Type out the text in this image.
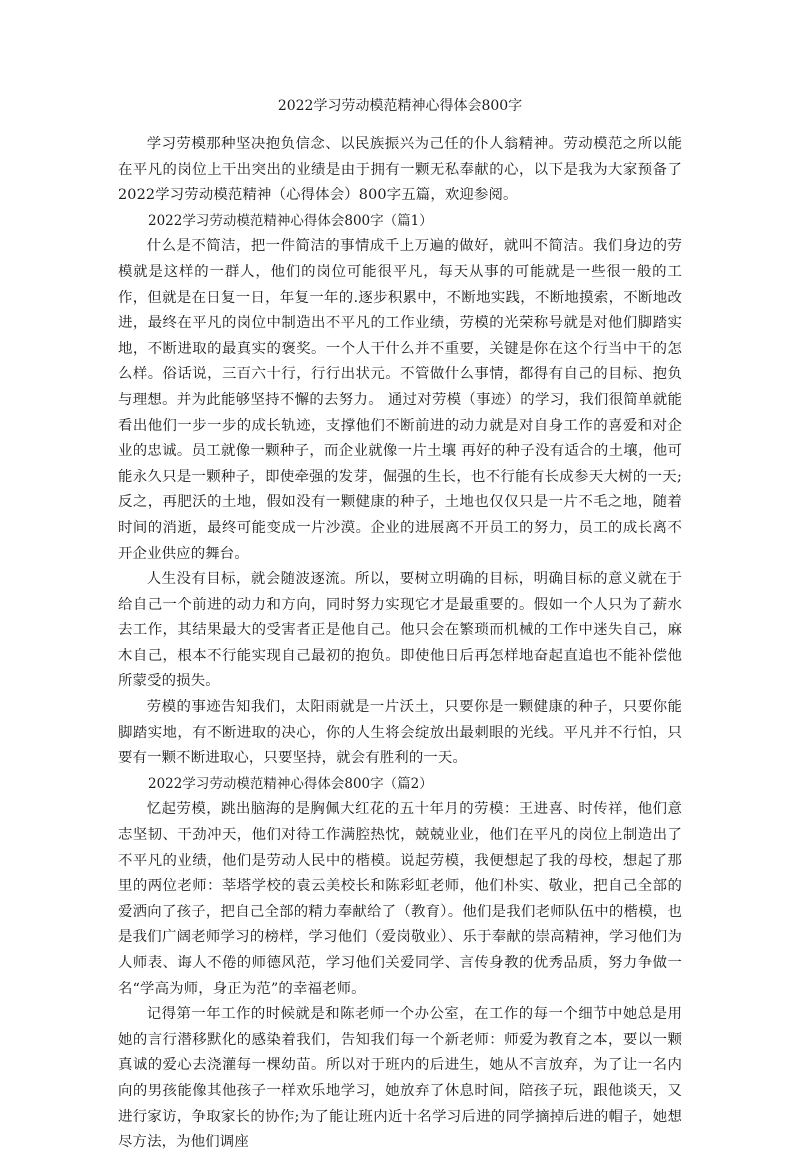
2022学习劳动模范精神心得体会800字

学习劳模那种坚决抱负信念、以民族振兴为己任的仆人翁精神。劳动模范之所以能在平凡的岗位上干出突出的业绩是由于拥有一颗无私奉献的心，以下是我为大家预备了2022学习劳动模范精神（心得体会）800字五篇，欢迎参阅。

2022学习劳动模范精神心得体会800字（篇1）

什么是不简洁，把一件简洁的事情成千上万遍的做好，就叫不简洁。我们身边的劳模就是这样的一群人，他们的岗位可能很平凡，每天从事的可能就是一些很一般的工作，但就是在日复一日，年复一年的.逐步积累中，不断地实践，不断地摸索，不断地改进，最终在平凡的岗位中制造出不平凡的工作业绩，劳模的光荣称号就是对他们脚踏实地，不断进取的最真实的褒奖。一个人干什么并不重要，关键是你在这个行当中干的怎么样。俗话说，三百六十行，行行出状元。不管做什么事情，都得有自己的目标、抱负与理想。并为此能够坚持不懈的去努力。 通过对劳模（事迹）的学习，我们很简单就能看出他们一步一步的成长轨迹，支撑他们不断前进的动力就是对自身工作的喜爱和对企业的忠诚。员工就像一颗种子，而企业就像一片土壤 再好的种子没有适合的土壤，他可能永久只是一颗种子，即使牵强的发芽，倔强的生长，也不行能有长成参天大树的一天;反之，再肥沃的土地，假如没有一颗健康的种子，土地也仅仅只是一片不毛之地，随着时间的消逝，最终可能变成一片沙漠。企业的进展离不开员工的努力，员工的成长离不开企业供应的舞台。

人生没有目标，就会随波逐流。所以，要树立明确的目标，明确目标的意义就在于给自己一个前进的动力和方向，同时努力实现它才是最重要的。假如一个人只为了薪水去工作，其结果最大的受害者正是他自己。他只会在繁琐而机械的工作中迷失自己，麻木自己，根本不行能实现自己最初的抱负。即使他日后再怎样地奋起直追也不能补偿他所蒙受的损失。

劳模的事迹告知我们，太阳雨就是一片沃土，只要你是一颗健康的种子，只要你能脚踏实地，有不断进取的决心，你的人生将会绽放出最刺眼的光线。平凡并不行怕，只要有一颗不断进取心，只要坚持，就会有胜利的一天。

2022学习劳动模范精神心得体会800字（篇2）

忆起劳模，跳出脑海的是胸佩大红花的五十年月的劳模：王进喜、时传祥，他们意志坚韧、干劲冲天，他们对待工作满腔热忱，兢兢业业，他们在平凡的岗位上制造出了不平凡的业绩，他们是劳动人民中的楷模。说起劳模，我便想起了我的母校，想起了那里的两位老师：莘塔学校的袁云美校长和陈彩虹老师，他们朴实、敬业，把自己全部的爱洒向了孩子，把自己全部的精力奉献给了（教育）。他们是我们老师队伍中的楷模，也是我们广阔老师学习的榜样，学习他们（爱岗敬业）、乐于奉献的崇高精神，学习他们为人师表、诲人不倦的师德风范，学习他们关爱同学、言传身教的优秀品质，努力争做一名“学高为师，身正为范”的幸福老师。

记得第一年工作的时候就是和陈老师一个办公室，在工作的每一个细节中她总是用她的言行潜移默化的感染着我们，告知我们每一个新老师：师爱为教育之本，要以一颗真诚的爱心去浇灌每一棵幼苗。所以对于班内的后进生，她从不言放弃，为了让一名内向的男孩能像其他孩子一样欢乐地学习，她放弃了休息时间，陪孩子玩，跟他谈天，又进行家访，争取家长的协作;为了能让班内近十名学习后进的同学摘掉后进的帽子，她想尽方法，为他们调座
